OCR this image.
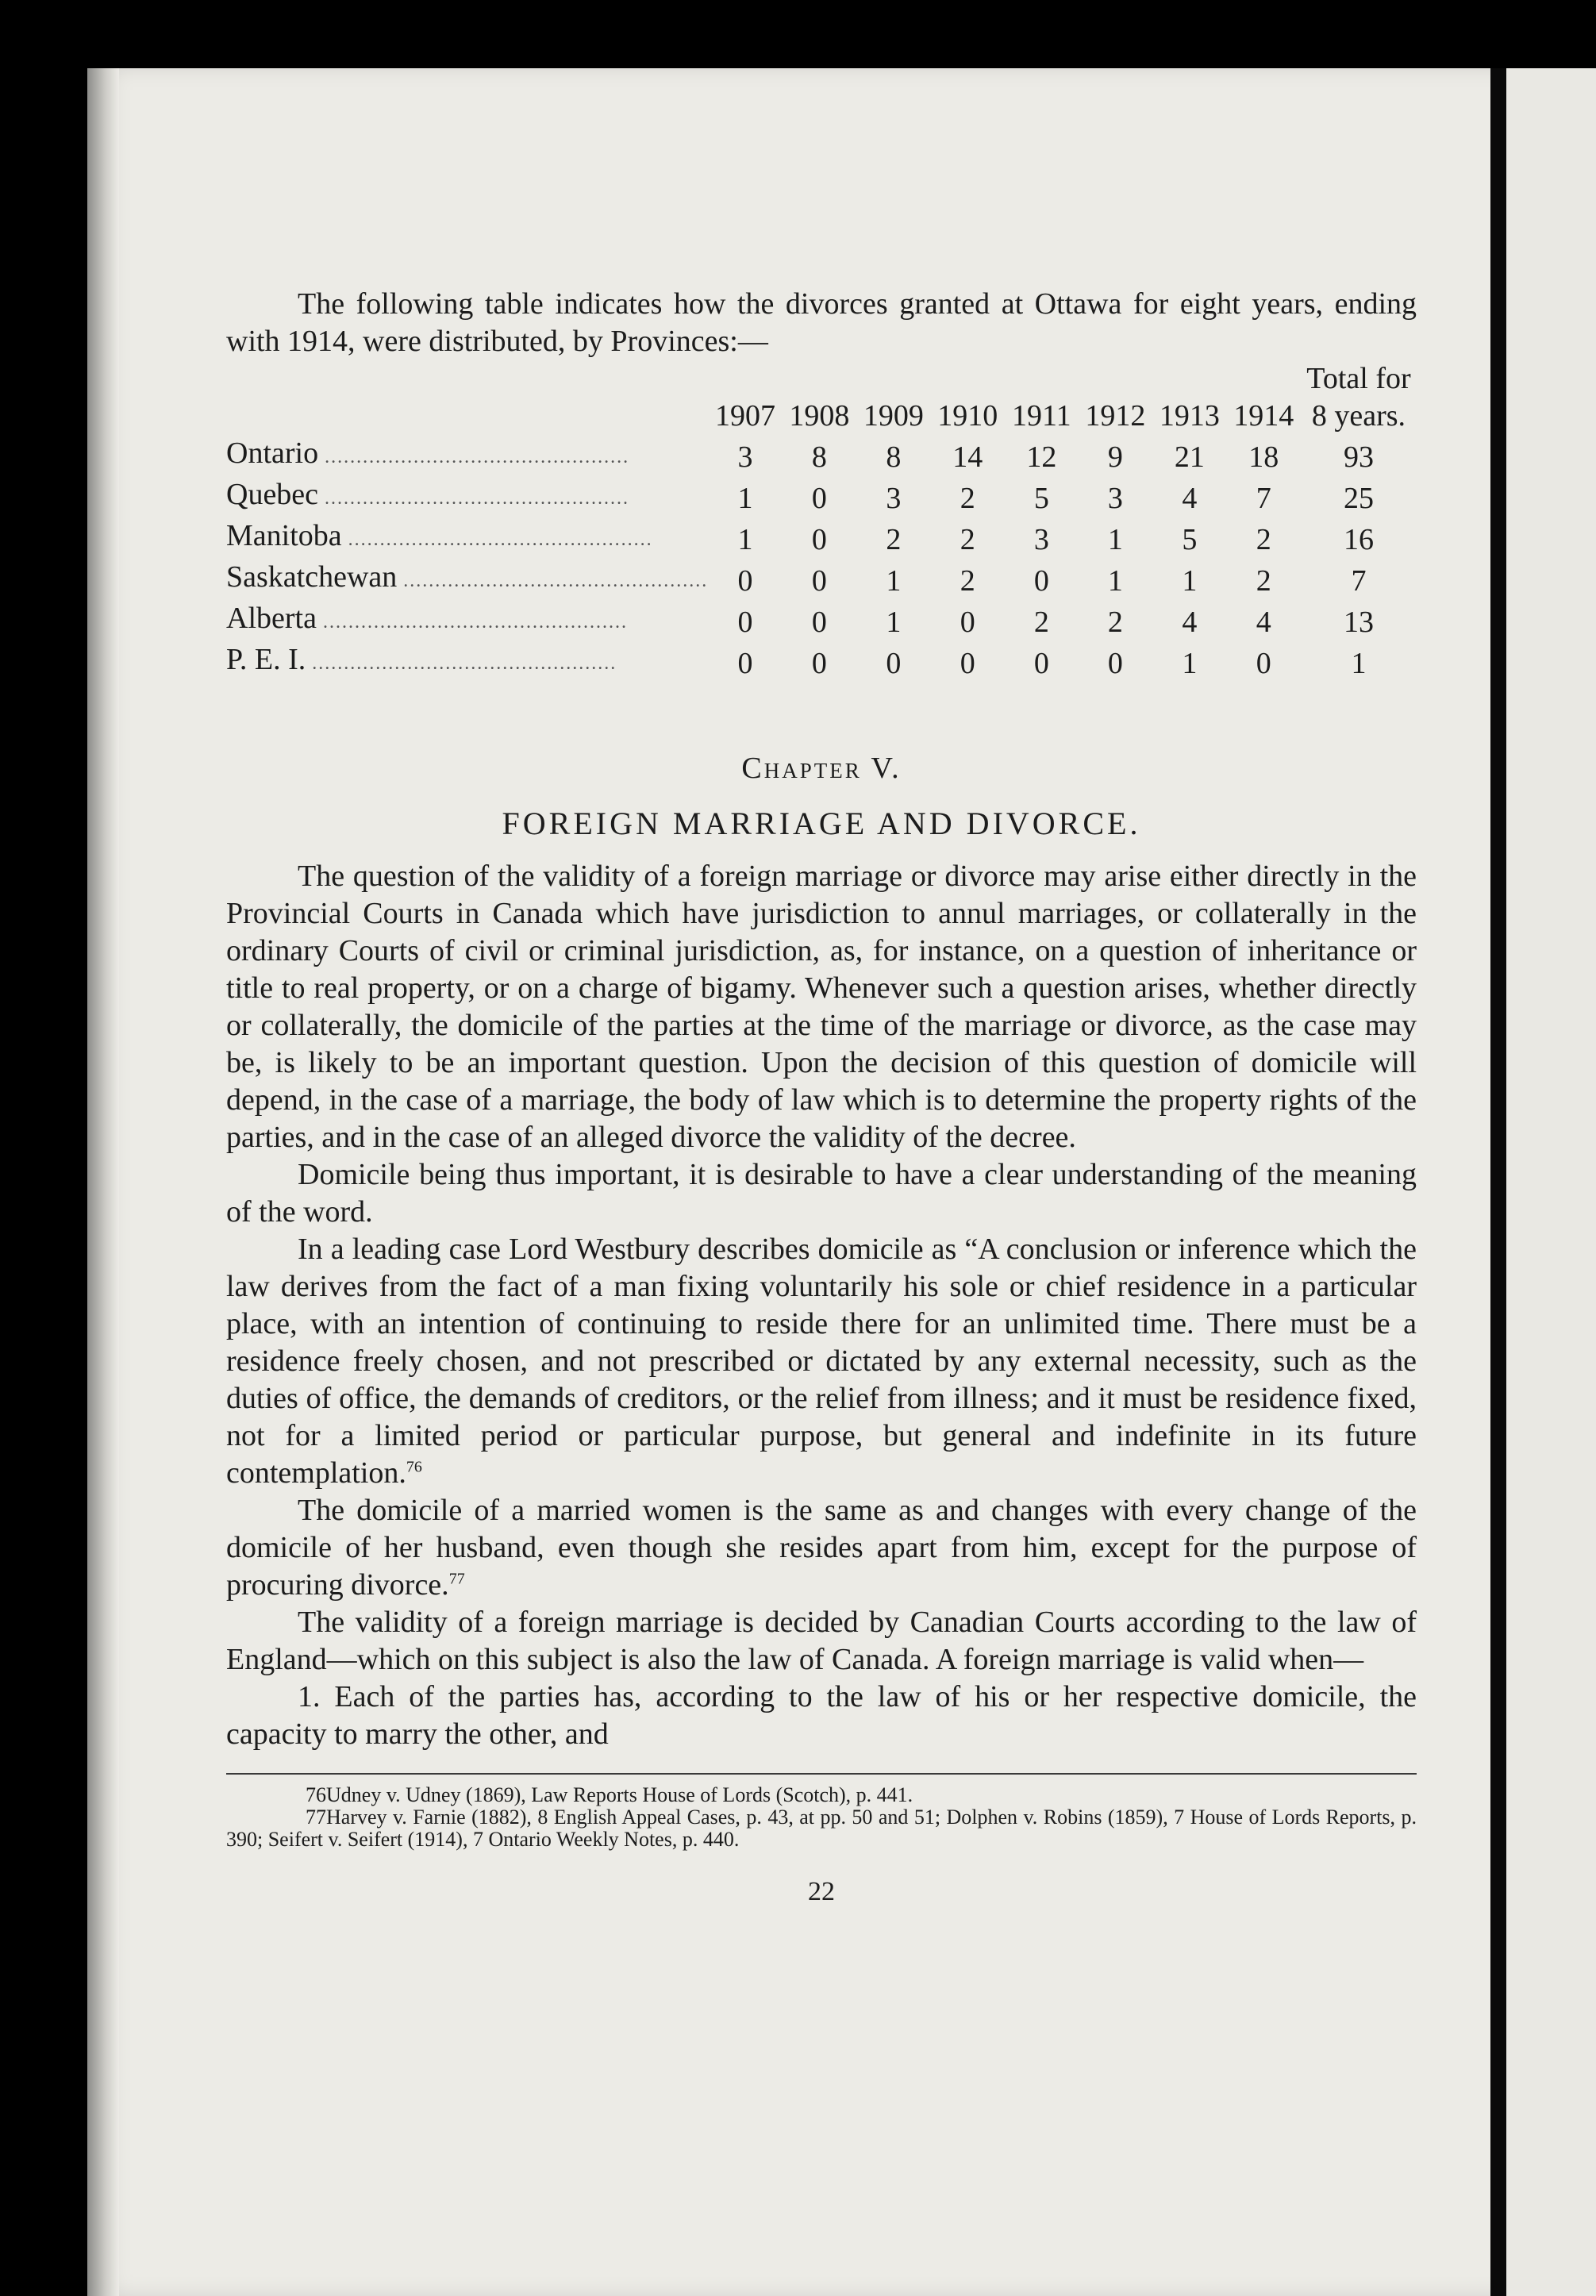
The following table indicates how the divorces granted at Ottawa for eight years, ending with 1914, were distributed, by Provinces:—

									Total for
	1907	1908	1909	1910	1911	1912	1913	1914	8 years.
Ontario ................................................	3	8	8	14	12	9	21	18	93
Quebec ................................................	1	0	3	2	5	3	4	7	25
Manitoba ................................................	1	0	2	2	3	1	5	2	16
Saskatchewan ................................................	0	0	1	2	0	1	1	2	7
Alberta ................................................	0	0	1	0	2	2	4	4	13
P. E. I. ................................................	0	0	0	0	0	0	1	0	1
Chapter V.
FOREIGN MARRIAGE AND DIVORCE.

The question of the validity of a foreign marriage or divorce may arise either directly in the Provincial Courts in Canada which have jurisdiction to annul marriages, or collaterally in the ordinary Courts of civil or criminal jurisdiction, as, for instance, on a question of inheritance or title to real property, or on a charge of bigamy. Whenever such a question arises, whether directly or collaterally, the domicile of the parties at the time of the marriage or divorce, as the case may be, is likely to be an important question. Upon the decision of this question of domicile will depend, in the case of a marriage, the body of law which is to determine the property rights of the parties, and in the case of an alleged divorce the validity of the decree.

Domicile being thus important, it is desirable to have a clear understanding of the meaning of the word.

In a leading case Lord Westbury describes domicile as “A conclusion or inference which the law derives from the fact of a man fixing voluntarily his sole or chief residence in a particular place, with an intention of continuing to reside there for an unlimited time. There must be a residence freely chosen, and not prescribed or dictated by any external necessity, such as the duties of office, the demands of creditors, or the relief from illness; and it must be residence fixed, not for a limited period or particular purpose, but general and indefinite in its future contemplation.$^{76}$

The domicile of a married women is the same as and changes with every change of the domicile of her husband, even though she resides apart from him, except for the purpose of procuring divorce.$^{77}$

The validity of a foreign marriage is decided by Canadian Courts according to the law of England—which on this subject is also the law of Canada. A foreign marriage is valid when—

1. Each of the parties has, according to the law of his or her respective domicile, the capacity to marry the other, and

76Udney v. Udney (1869), Law Reports House of Lords (Scotch), p. 441.

77Harvey v. Farnie (1882), 8 English Appeal Cases, p. 43, at pp. 50 and 51; Dolphen v. Robins (1859), 7 House of Lords Reports, p. 390; Seifert v. Seifert (1914), 7 Ontario Weekly Notes, p. 440.

22
